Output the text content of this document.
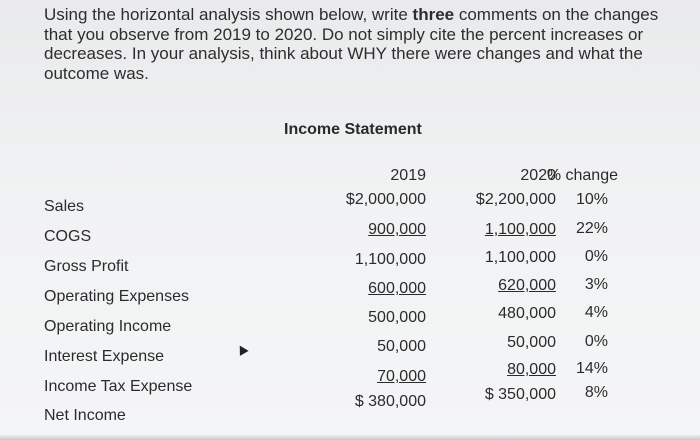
Using the horizontal analysis shown below, write three comments on the changes that you observe from 2019 to 2020. Do not simply cite the percent increases or decreases. In your analysis, think about WHY there were changes and what the outcome was.
Income Statement
2019	2020
% change
Sales
COGS
Gross Profit
Operating Expenses
Operating Income
Interest Expense
Income Tax Expense
Net Income
$2,000,000
900,000
1,100,000
600,000
500,000
50,000
70,000
$ 380,000
$2,200,000
1,100,000
1,100,000
620,000
480,000
50,000
80,000
$ 350,000
10%
22%
0%
3%
4%
0%
14%
8%
